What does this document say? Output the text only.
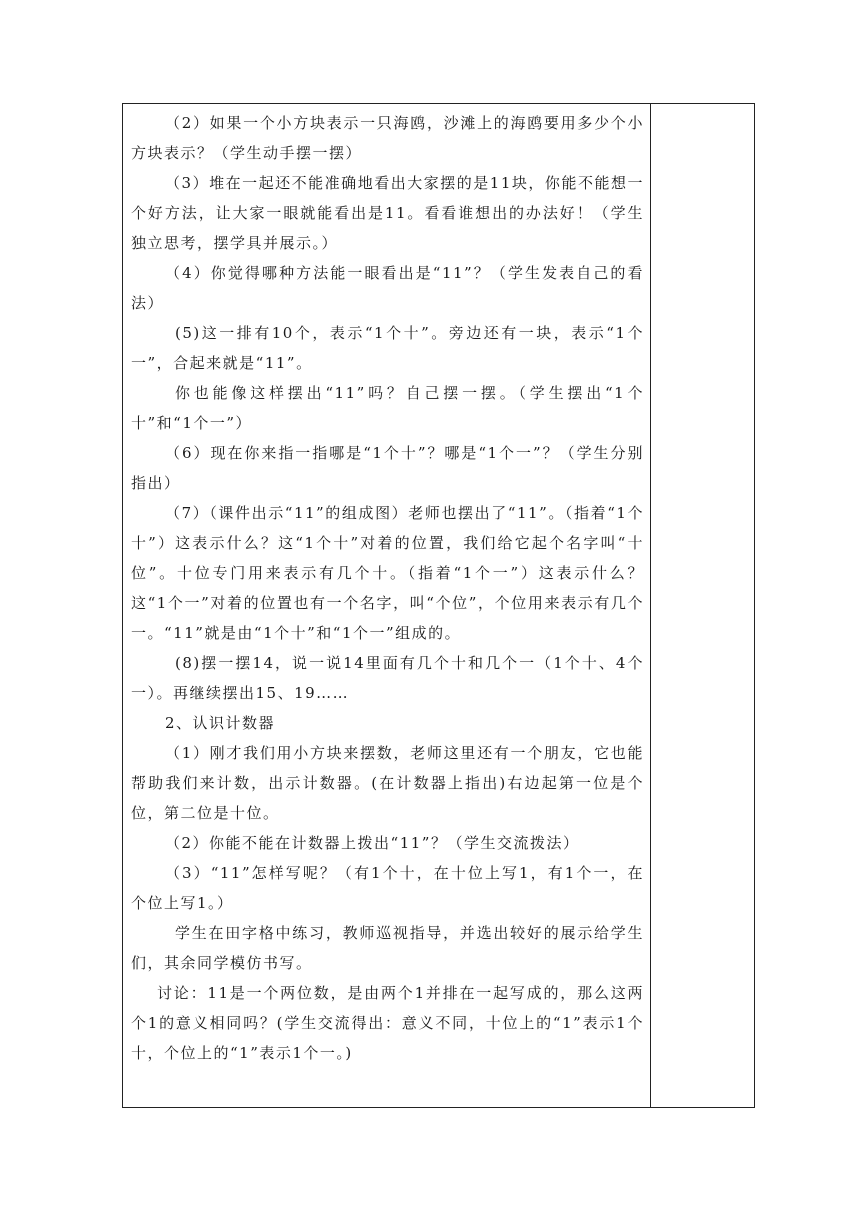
（2）如果一个小方块表示一只海鸥，沙滩上的海鸥要用多少个小方块表示？（学生动手摆一摆）

（3）堆在一起还不能准确地看出大家摆的是11块，你能不能想一个好方法，让大家一眼就能看出是11。看看谁想出的办法好！（学生独立思考，摆学具并展示。）

（4）你觉得哪种方法能一眼看出是“11”？（学生发表自己的看法）

(5)这一排有10个，表示“1个十”。旁边还有一块，表示“1个一”，合起来就是“11”。

你也能像这样摆出“11”吗？自己摆一摆。（学生摆出“1个十”和“1个一”）

（6）现在你来指一指哪是“1个十”？哪是“1个一”？（学生分别指出）

（7）（课件出示“11”的组成图）老师也摆出了“11”。（指着“1个十”）这表示什么？这“1个十”对着的位置，我们给它起个名字叫“十位”。十位专门用来表示有几个十。（指着“1个一”）这表示什么？这“1个一”对着的位置也有一个名字，叫“个位”，个位用来表示有几个一。“11”就是由“1个十”和“1个一”组成的。

(8)摆一摆14，说一说14里面有几个十和几个一（1个十、4个一）。再继续摆出15、19……

2、认识计数器

（1）刚才我们用小方块来摆数，老师这里还有一个朋友，它也能帮助我们来计数，出示计数器。(在计数器上指出)右边起第一位是个位，第二位是十位。

（2）你能不能在计数器上拨出“11”？（学生交流拨法）

（3）“11”怎样写呢？（有1个十，在十位上写1，有1个一，在个位上写1。）

学生在田字格中练习，教师巡视指导，并选出较好的展示给学生们，其余同学模仿书写。

讨论：11是一个两位数，是由两个1并排在一起写成的，那么这两个1的意义相同吗？(学生交流得出：意义不同，十位上的“1”表示1个十，个位上的“1”表示1个一。)
